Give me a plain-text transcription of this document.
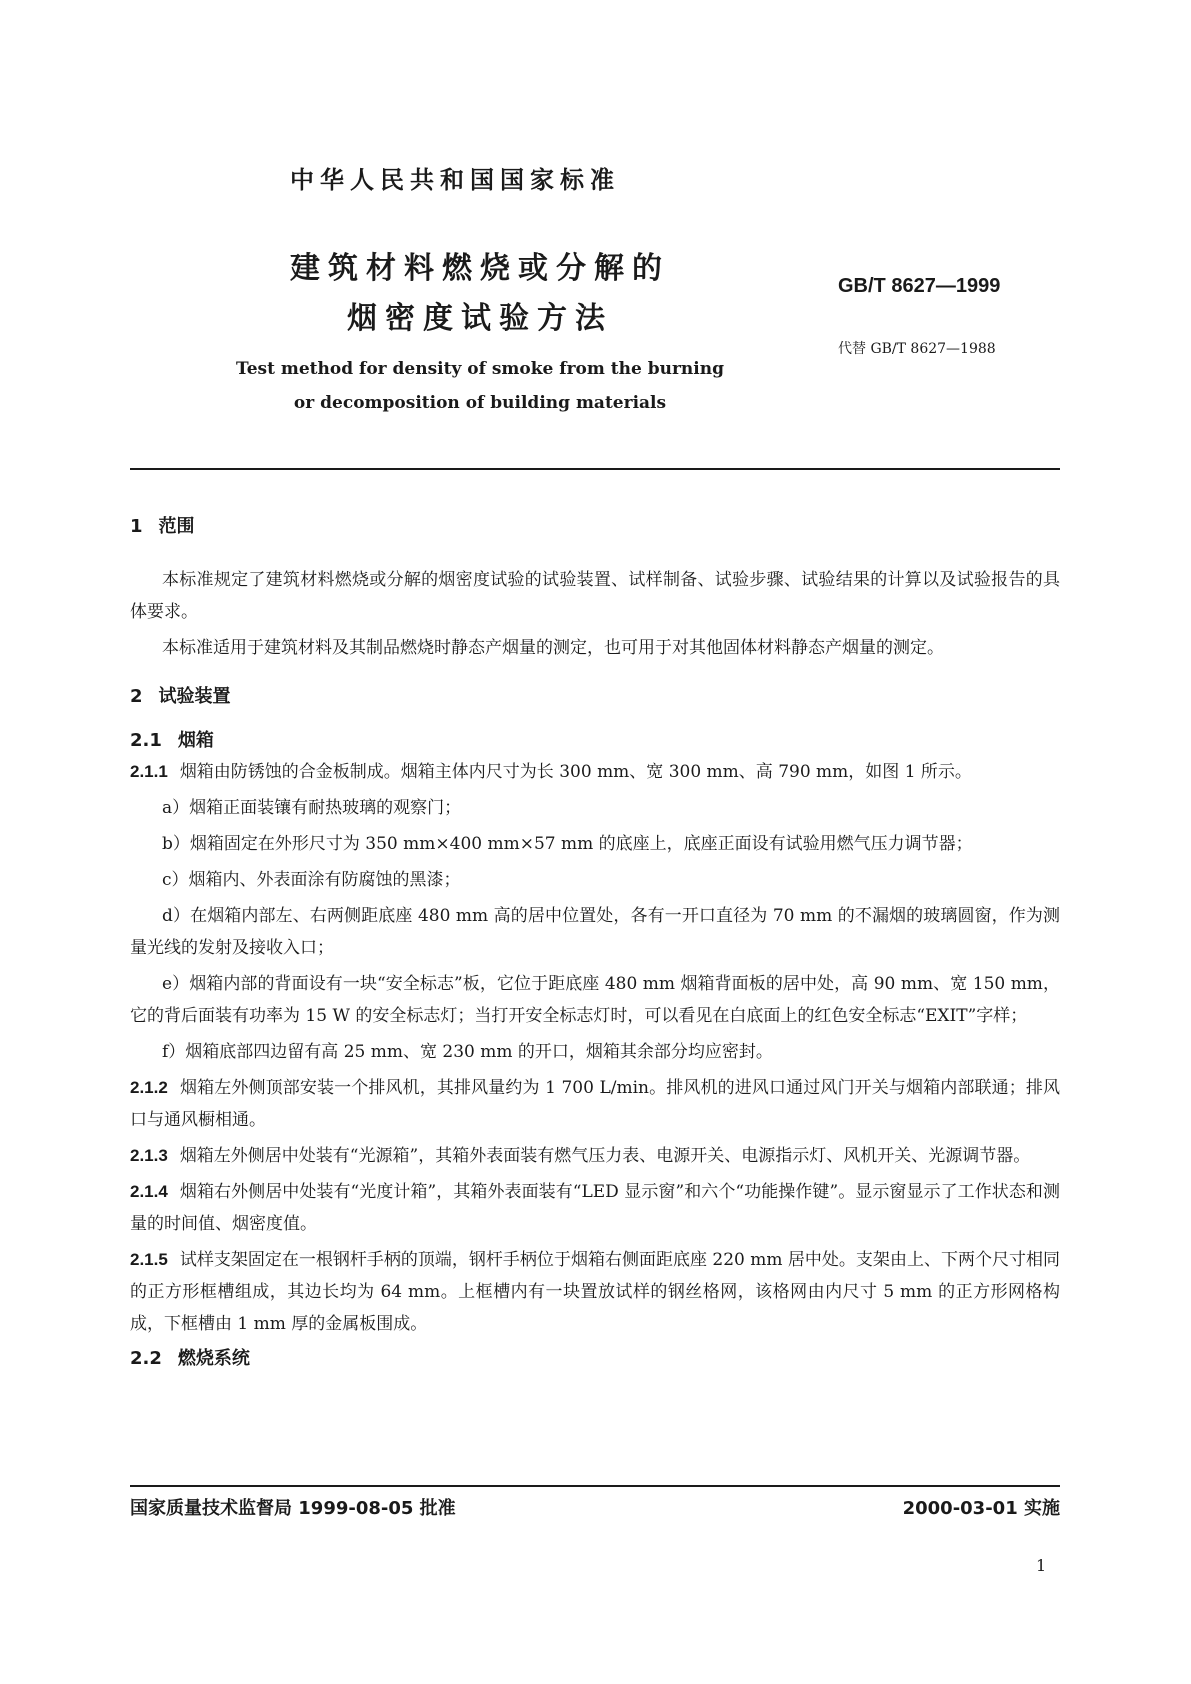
中华人民共和国国家标准
建筑材料燃烧或分解的
烟密度试验方法
Test method for density of smoke from the burning
or decomposition of building materials
GB/T 8627—1999
代替 GB/T 8627—1988
1 范围

本标准规定了建筑材料燃烧或分解的烟密度试验的试验装置、试样制备、试验步骤、试验结果的计算以及试验报告的具体要求。

本标准适用于建筑材料及其制品燃烧时静态产烟量的测定，也可用于对其他固体材料静态产烟量的测定。

2 试验装置
2.1 烟箱

2.1.1 烟箱由防锈蚀的合金板制成。烟箱主体内尺寸为长 300 mm、宽 300 mm、高 790 mm，如图 1 所示。

a）烟箱正面装镶有耐热玻璃的观察门；

b）烟箱固定在外形尺寸为 350 mm×400 mm×57 mm 的底座上，底座正面设有试验用燃气压力调节器；

c）烟箱内、外表面涂有防腐蚀的黑漆；

d）在烟箱内部左、右两侧距底座 480 mm 高的居中位置处，各有一开口直径为 70 mm 的不漏烟的玻璃圆窗，作为测量光线的发射及接收入口；

e）烟箱内部的背面设有一块“安全标志”板，它位于距底座 480 mm 烟箱背面板的居中处，高 90 mm、宽 150 mm，它的背后面装有功率为 15 W 的安全标志灯；当打开安全标志灯时，可以看见在白底面上的红色安全标志“EXIT”字样；

f）烟箱底部四边留有高 25 mm、宽 230 mm 的开口，烟箱其余部分均应密封。

2.1.2 烟箱左外侧顶部安装一个排风机，其排风量约为 1 700 L/min。排风机的进风口通过风门开关与烟箱内部联通；排风口与通风橱相通。

2.1.3 烟箱左外侧居中处装有“光源箱”，其箱外表面装有燃气压力表、电源开关、电源指示灯、风机开关、光源调节器。

2.1.4 烟箱右外侧居中处装有“光度计箱”，其箱外表面装有“LED 显示窗”和六个“功能操作键”。显示窗显示了工作状态和测量的时间值、烟密度值。

2.1.5 试样支架固定在一根钢杆手柄的顶端，钢杆手柄位于烟箱右侧面距底座 220 mm 居中处。支架由上、下两个尺寸相同的正方形框槽组成，其边长均为 64 mm。上框槽内有一块置放试样的钢丝格网，该格网由内尺寸 5 mm 的正方形网格构成，下框槽由 1 mm 厚的金属板围成。

2.2 燃烧系统
国家质量技术监督局 1999-08-05 批准	2000-03-01 实施
1
